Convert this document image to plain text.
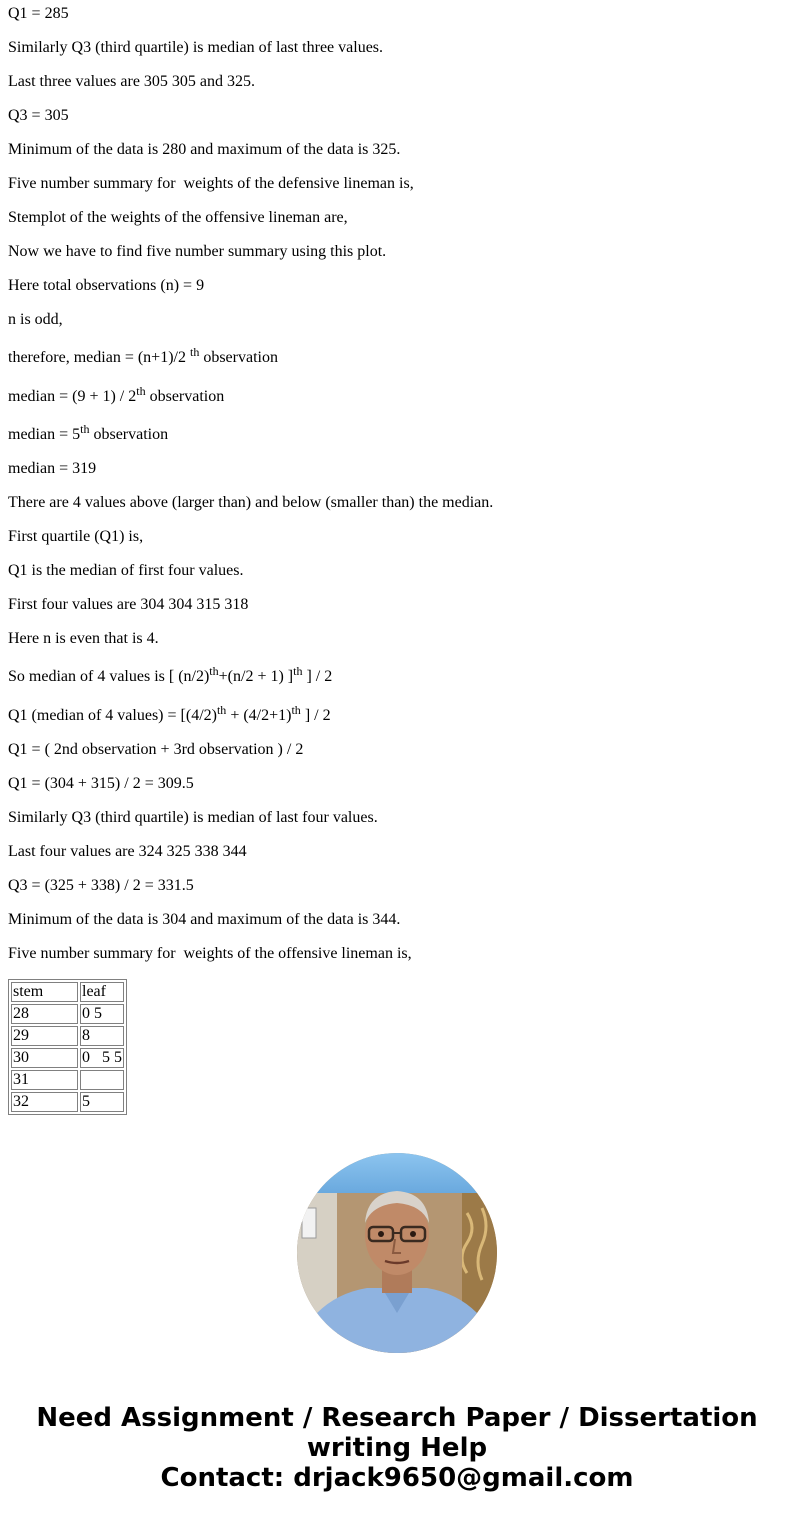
Q1 = 285

Similarly Q3 (third quartile) is median of last three values.

Last three values are 305 305 and 325.

Q3 = 305

Minimum of the data is 280 and maximum of the data is 325.

Five number summary for  weights of the defensive lineman is,

Stemplot of the weights of the offensive lineman are,

Now we have to find five number summary using this plot.

Here total observations (n) = 9

n is odd,

therefore, median = (n+1)/2 $^{th}$ observation

median = (9 + 1) / 2th observation

median = 5th observation

median = 319

There are 4 values above (larger than) and below (smaller than) the median.

First quartile (Q1) is,

Q1 is the median of first four values.

First four values are 304 304 315 318

Here n is even that is 4.

So median of 4 values is [ $(n/2)^{th}+(n/2 + 1)$ ]$^{th}$ ] / 2

Q1 (median of 4 values) = [$(4/2)^{th} + (4/2+1)^{th}$ ] / 2

Q1 = ( 2nd observation + 3rd observation ) / 2

Q1 = (304 + 315) / 2 = 309.5

Similarly Q3 (third quartile) is median of last four values.

Last four values are 324 325 338 344

Q3 = (325 + 338) / 2 = 331.5

Minimum of the data is 304 and maximum of the data is 344.

Five number summary for  weights of the offensive lineman is,

stem	leaf
28	0 5
29	8
30	0   5 5
31	
32	5
Need Assignment / Research Paper / Dissertation
writing Help
Contact: drjack9650@gmail.com
